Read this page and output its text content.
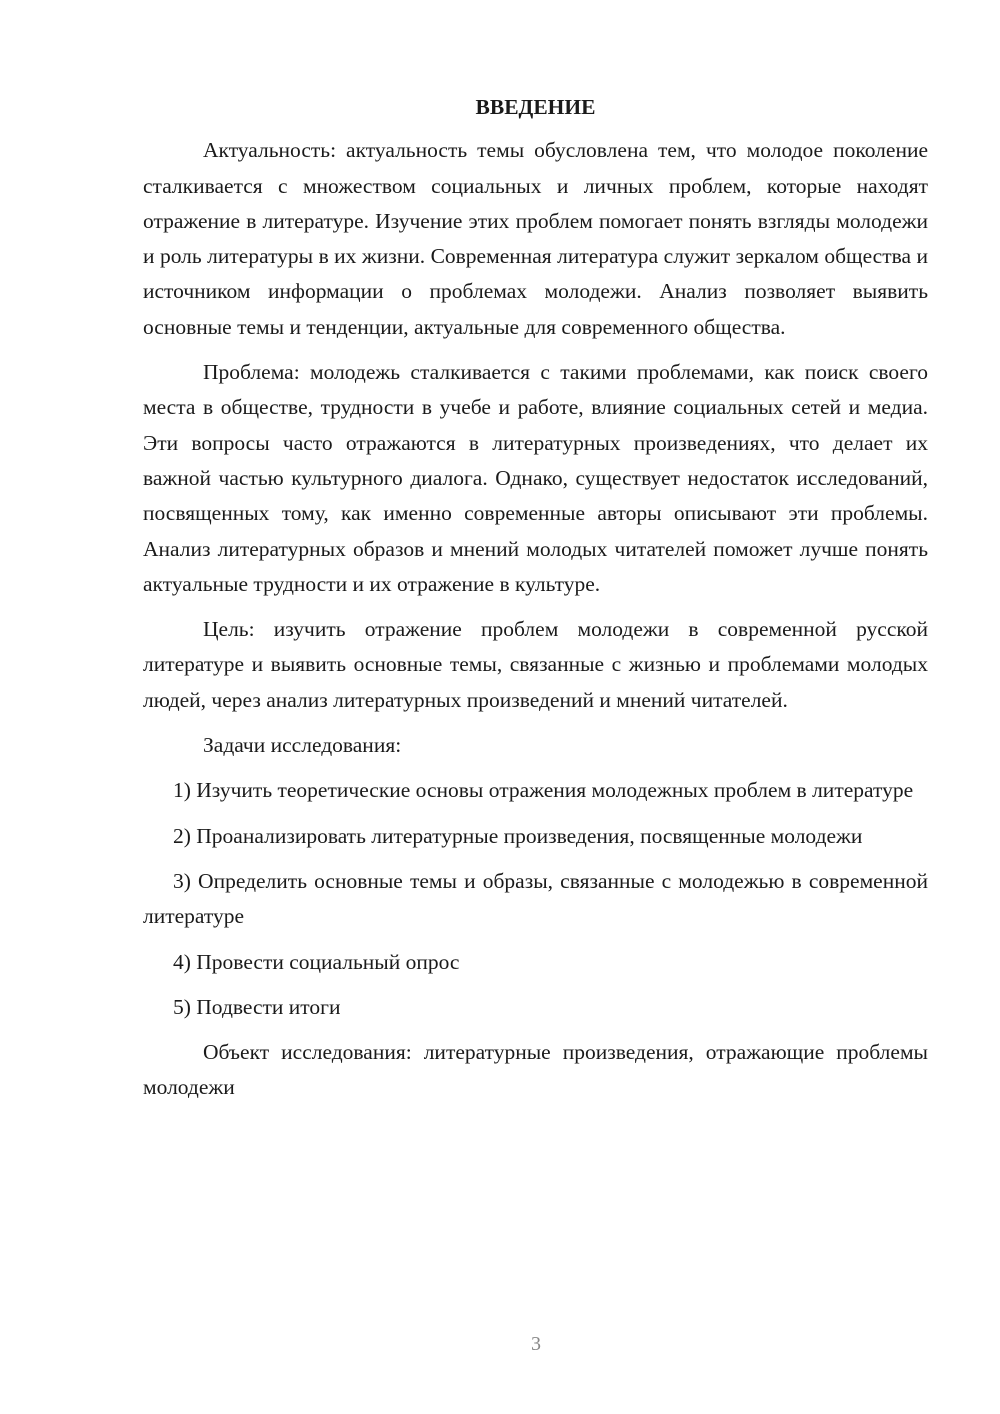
ВВЕДЕНИЕ

Актуальность: актуальность темы обусловлена тем, что молодое поколение сталкивается с множеством социальных и личных проблем, которые находят отражение в литературе. Изучение этих проблем помогает понять взгляды молодежи и роль литературы в их жизни. Современная литература служит зеркалом общества и источником информации о проблемах молодежи. Анализ позволяет выявить основные темы и тенденции, актуальные для современного общества.

Проблема: молодежь сталкивается с такими проблемами, как поиск своего места в обществе, трудности в учебе и работе, влияние социальных сетей и медиа. Эти вопросы часто отражаются в литературных произведениях, что делает их важной частью культурного диалога. Однако, существует недостаток исследований, посвященных тому, как именно современные авторы описывают эти проблемы. Анализ литературных образов и мнений молодых читателей поможет лучше понять актуальные трудности и их отражение в культуре.

Цель: изучить отражение проблем молодежи в современной русской литературе и выявить основные темы, связанные с жизнью и проблемами молодых людей, через анализ литературных произведений и мнений читателей.

Задачи исследования:

1) Изучить теоретические основы отражения молодежных проблем в литературе

2) Проанализировать литературные произведения, посвященные молодежи

3) Определить основные темы и образы, связанные с молодежью в современной литературе

4) Провести социальный опрос

5) Подвести итоги

Объект исследования: литературные произведения, отражающие проблемы молодежи

3
